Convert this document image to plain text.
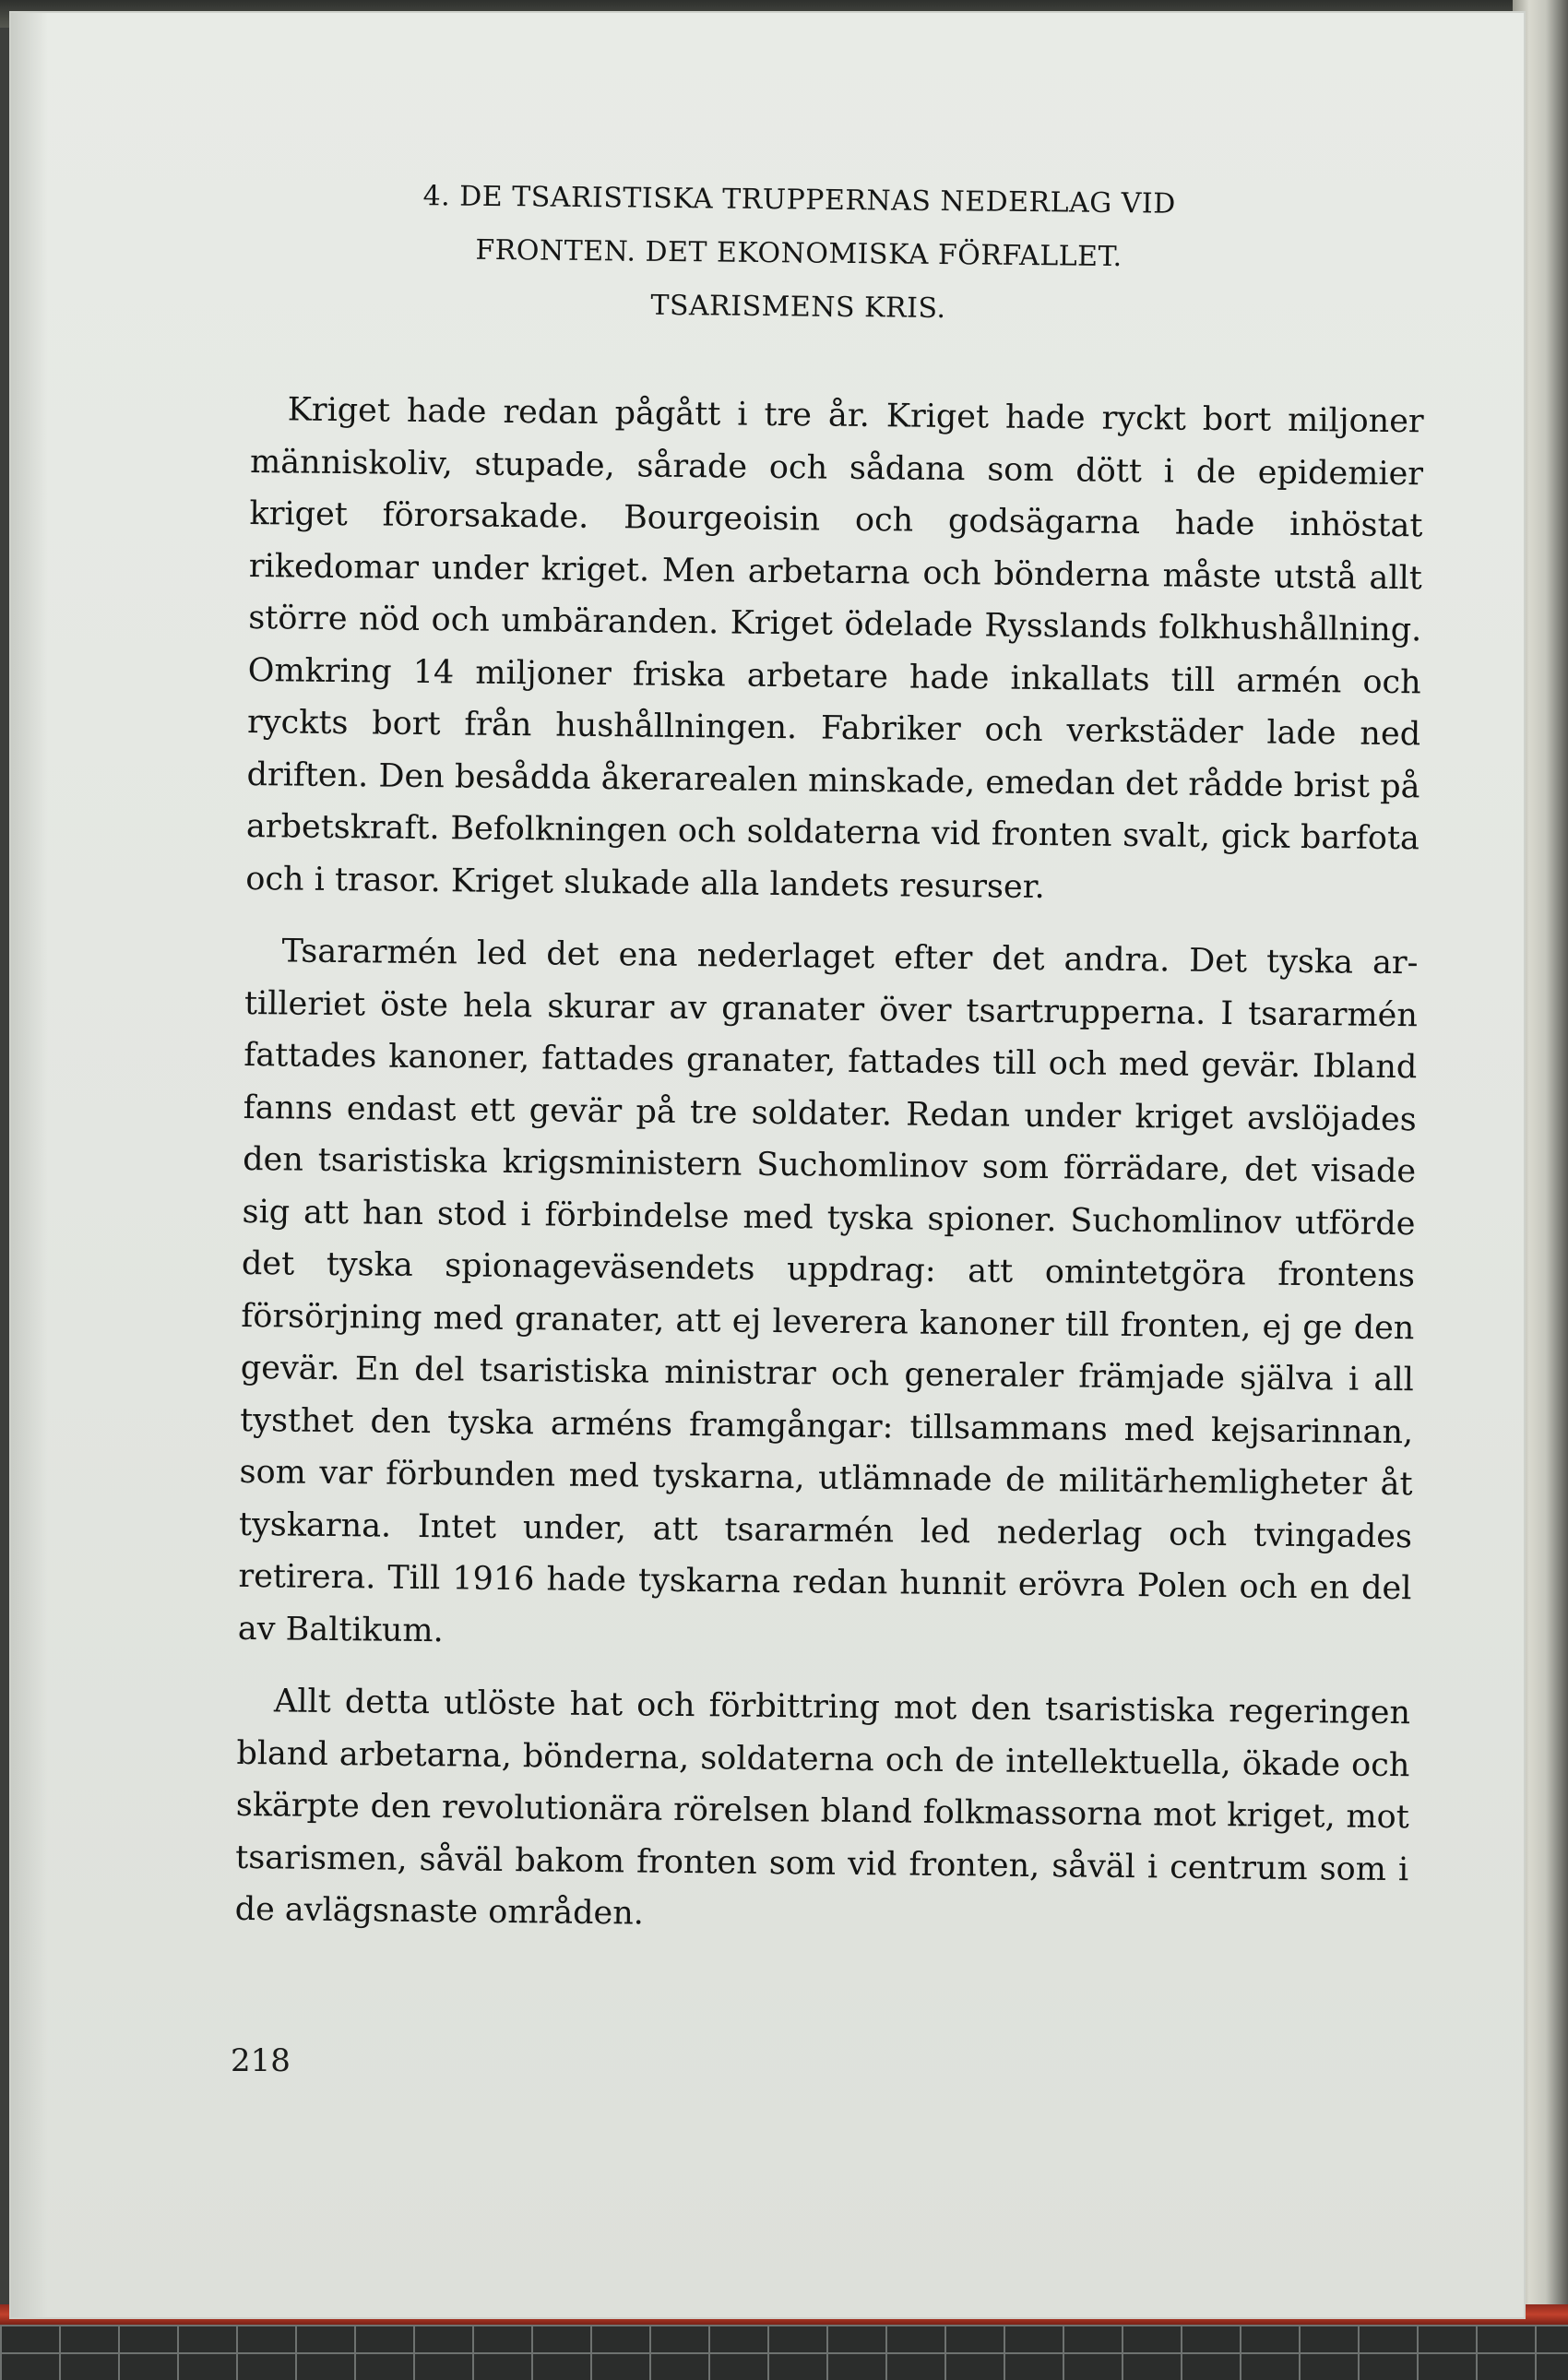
4. DE TSARISTISKA TRUPPERNAS NEDERLAG VID
FRONTEN. DET EKONOMISKA FÖRFALLET.
TSARISMENS KRIS.

Kriget hade redan pågått i tre år. Kriget hade ryckt bort miljoner människoliv, stupade, sårade och sådana som dött i de epidemier kriget förorsakade. Bourgeoisin och godsägarna hade inhöstat rikedomar under kriget. Men arbetarna och bönderna måste utstå allt större nöd och umbäranden. Kriget ödelade Rysslands folkhushållning. Omkring 14 miljoner friska arbetare hade inkallats till armén och ryckts bort från hushållningen. Fabriker och verkstäder lade ned driften. Den besådda åkerarealen minskade, emedan det rådde brist på arbetskraft. Befolkningen och soldaterna vid fronten svalt, gick barfota och i trasor. Kriget slukade alla landets resurser.

Tsararmén led det ena nederlaget efter det andra. Det tyska artilleriet öste hela skurar av granater över tsartrupperna. I tsararmén fattades kanoner, fattades granater, fattades till och med gevär. Ibland fanns endast ett gevär på tre soldater. Redan under kriget avslöjades den tsaristiska krigsministern Suchomlinov som förrädare, det visade sig att han stod i förbindelse med tyska spioner. Suchomlinov utförde det tyska spionageväsendets uppdrag: att omintetgöra frontens försörjning med granater, att ej leverera kanoner till fronten, ej ge den gevär. En del tsaristiska ministrar och generaler främjade själva i all tysthet den tyska arméns framgångar: tillsammans med kejsarinnan, som var förbunden med tyskarna, utlämnade de militärhemligheter åt tyskarna. Intet under, att tsararmén led nederlag och tvingades retirera. Till 1916 hade tyskarna redan hunnit erövra Polen och en del av Baltikum.

Allt detta utlöste hat och förbittring mot den tsaristiska regeringen bland arbetarna, bönderna, soldaterna och de intellektuella, ökade och skärpte den revolutionära rörelsen bland folkmassorna mot kriget, mot tsarismen, såväl bakom fronten som vid fronten, såväl i centrum som i de avlägsnaste områden.

218
